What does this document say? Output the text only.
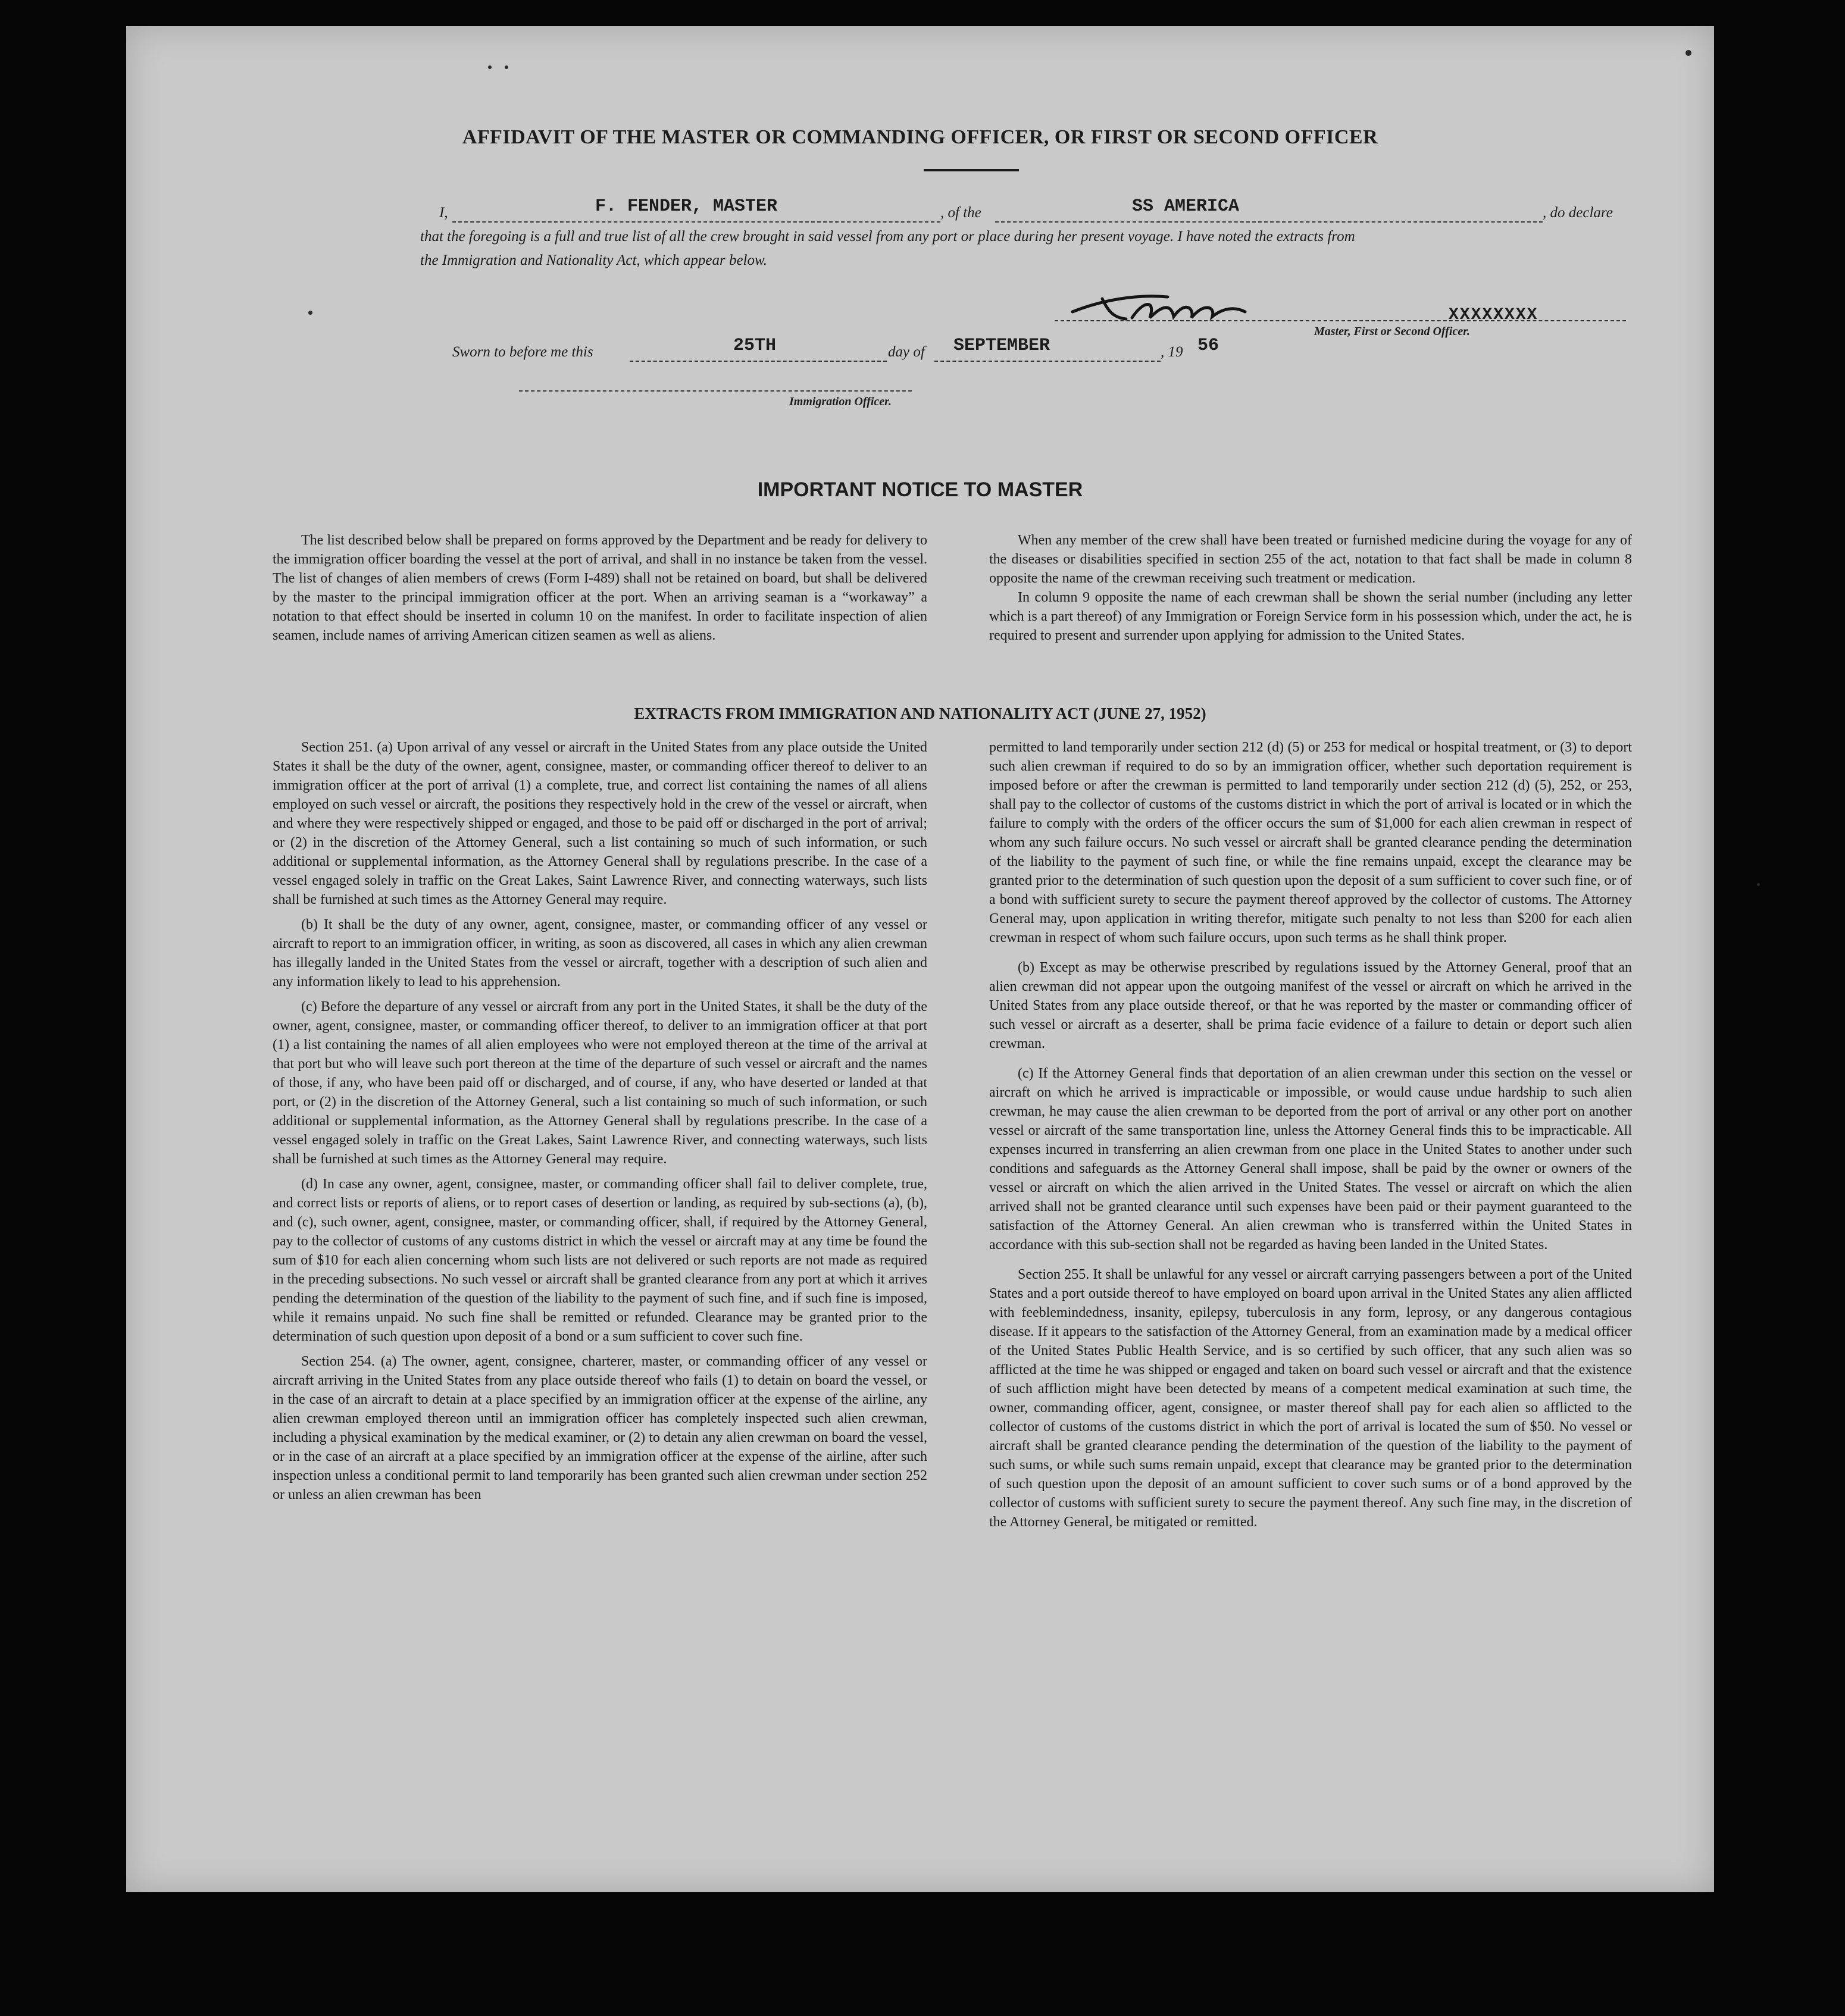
AFFIDAVIT OF THE MASTER OR COMMANDING OFFICER, OR FIRST OR SECOND OFFICER
I,	F. FENDER, MASTER	, of the	SS AMERICA	, do declare
that the foregoing is a full and true list of all the crew brought in said vessel from any port or place during her present voyage. I have noted the extracts from
the Immigration and Nationality Act, which appear below.
XXXXXXXX
Master, First or Second Officer.
Sworn to before me this	25TH	day of SEPTEMBER	, 19 56
Immigration Officer.
IMPORTANT NOTICE TO MASTER

The list described below shall be prepared on forms approved by the Department and be ready for delivery to the immigration officer boarding the vessel at the port of arrival, and shall in no instance be taken from the vessel. The list of changes of alien members of crews (Form I-489) shall not be retained on board, but shall be delivered by the master to the principal immigration officer at the port. When an arriving seaman is a “workaway” a notation to that effect should be inserted in column 10 on the manifest. In order to facilitate inspection of alien seamen, include names of arriving American citizen seamen as well as aliens.

When any member of the crew shall have been treated or furnished medicine during the voyage for any of the diseases or disabilities specified in section 255 of the act, notation to that fact shall be made in column 8 opposite the name of the crewman receiving such treatment or medication.

In column 9 opposite the name of each crewman shall be shown the serial number (including any letter which is a part thereof) of any Immigration or Foreign Service form in his possession which, under the act, he is required to present and surrender upon applying for admission to the United States.

EXTRACTS FROM IMMIGRATION AND NATIONALITY ACT (JUNE 27, 1952)

Section 251. (a) Upon arrival of any vessel or aircraft in the United States from any place outside the United States it shall be the duty of the owner, agent, consignee, master, or commanding officer thereof to deliver to an immigration officer at the port of arrival (1) a complete, true, and correct list containing the names of all aliens employed on such vessel or aircraft, the positions they respectively hold in the crew of the vessel or aircraft, when and where they were respectively shipped or engaged, and those to be paid off or discharged in the port of arrival; or (2) in the discretion of the Attorney General, such a list containing so much of such information, or such additional or supplemental information, as the Attorney General shall by regulations prescribe. In the case of a vessel engaged solely in traffic on the Great Lakes, Saint Lawrence River, and connecting waterways, such lists shall be furnished at such times as the Attorney General may require.

(b) It shall be the duty of any owner, agent, consignee, master, or commanding officer of any vessel or aircraft to report to an immigration officer, in writing, as soon as discovered, all cases in which any alien crewman has illegally landed in the United States from the vessel or aircraft, together with a description of such alien and any information likely to lead to his apprehension.

(c) Before the departure of any vessel or aircraft from any port in the United States, it shall be the duty of the owner, agent, consignee, master, or commanding officer thereof, to deliver to an immigration officer at that port (1) a list containing the names of all alien employees who were not employed thereon at the time of the arrival at that port but who will leave such port thereon at the time of the departure of such vessel or aircraft and the names of those, if any, who have been paid off or discharged, and of course, if any, who have deserted or landed at that port, or (2) in the discretion of the Attorney General, such a list containing so much of such information, or such additional or supplemental information, as the Attorney General shall by regulations prescribe. In the case of a vessel engaged solely in traffic on the Great Lakes, Saint Lawrence River, and connecting waterways, such lists shall be furnished at such times as the Attorney General may require.

(d) In case any owner, agent, consignee, master, or commanding officer shall fail to deliver complete, true, and correct lists or reports of aliens, or to report cases of desertion or landing, as required by sub-sections (a), (b), and (c), such owner, agent, consignee, master, or commanding officer, shall, if required by the Attorney General, pay to the collector of customs of any customs district in which the vessel or aircraft may at any time be found the sum of $10 for each alien concerning whom such lists are not delivered or such reports are not made as required in the preceding subsections. No such vessel or aircraft shall be granted clearance from any port at which it arrives pending the determination of the question of the liability to the payment of such fine, and if such fine is imposed, while it remains unpaid. No such fine shall be remitted or refunded. Clearance may be granted prior to the determination of such question upon deposit of a bond or a sum sufficient to cover such fine.

Section 254. (a) The owner, agent, consignee, charterer, master, or commanding officer of any vessel or aircraft arriving in the United States from any place outside thereof who fails (1) to detain on board the vessel, or in the case of an aircraft to detain at a place specified by an immigration officer at the expense of the airline, any alien crewman employed thereon until an immigration officer has completely inspected such alien crewman, including a physical examination by the medical examiner, or (2) to detain any alien crewman on board the vessel, or in the case of an aircraft at a place specified by an immigration officer at the expense of the airline, after such inspection unless a conditional permit to land temporarily has been granted such alien crewman under section 252 or unless an alien crewman has been

permitted to land temporarily under section 212 (d) (5) or 253 for medical or hospital treatment, or (3) to deport such alien crewman if required to do so by an immigration officer, whether such deportation requirement is imposed before or after the crewman is permitted to land temporarily under section 212 (d) (5), 252, or 253, shall pay to the collector of customs of the customs district in which the port of arrival is located or in which the failure to comply with the orders of the officer occurs the sum of $1,000 for each alien crewman in respect of whom any such failure occurs. No such vessel or aircraft shall be granted clearance pending the determination of the liability to the payment of such fine, or while the fine remains unpaid, except the clearance may be granted prior to the determination of such question upon the deposit of a sum sufficient to cover such fine, or of a bond with sufficient surety to secure the payment thereof approved by the collector of customs. The Attorney General may, upon application in writing therefor, mitigate such penalty to not less than $200 for each alien crewman in respect of whom such failure occurs, upon such terms as he shall think proper.

(b) Except as may be otherwise prescribed by regulations issued by the Attorney General, proof that an alien crewman did not appear upon the outgoing manifest of the vessel or aircraft on which he arrived in the United States from any place outside thereof, or that he was reported by the master or commanding officer of such vessel or aircraft as a deserter, shall be prima facie evidence of a failure to detain or deport such alien crewman.

(c) If the Attorney General finds that deportation of an alien crewman under this section on the vessel or aircraft on which he arrived is impracticable or impossible, or would cause undue hardship to such alien crewman, he may cause the alien crewman to be deported from the port of arrival or any other port on another vessel or aircraft of the same transportation line, unless the Attorney General finds this to be impracticable. All expenses incurred in transferring an alien crewman from one place in the United States to another under such conditions and safeguards as the Attorney General shall impose, shall be paid by the owner or owners of the vessel or aircraft on which the alien arrived in the United States. The vessel or aircraft on which the alien arrived shall not be granted clearance until such expenses have been paid or their payment guaranteed to the satisfaction of the Attorney General. An alien crewman who is transferred within the United States in accordance with this sub-section shall not be regarded as having been landed in the United States.

Section 255. It shall be unlawful for any vessel or aircraft carrying passengers between a port of the United States and a port outside thereof to have employed on board upon arrival in the United States any alien afflicted with feeblemindedness, insanity, epilepsy, tuberculosis in any form, leprosy, or any dangerous contagious disease. If it appears to the satisfaction of the Attorney General, from an examination made by a medical officer of the United States Public Health Service, and is so certified by such officer, that any such alien was so afflicted at the time he was shipped or engaged and taken on board such vessel or aircraft and that the existence of such affliction might have been detected by means of a competent medical examination at such time, the owner, commanding officer, agent, consignee, or master thereof shall pay for each alien so afflicted to the collector of customs of the customs district in which the port of arrival is located the sum of $50. No vessel or aircraft shall be granted clearance pending the determination of the question of the liability to the payment of such sums, or while such sums remain unpaid, except that clearance may be granted prior to the determination of such question upon the deposit of an amount sufficient to cover such sums or of a bond approved by the collector of customs with sufficient surety to secure the payment thereof. Any such fine may, in the discretion of the Attorney General, be mitigated or remitted.
